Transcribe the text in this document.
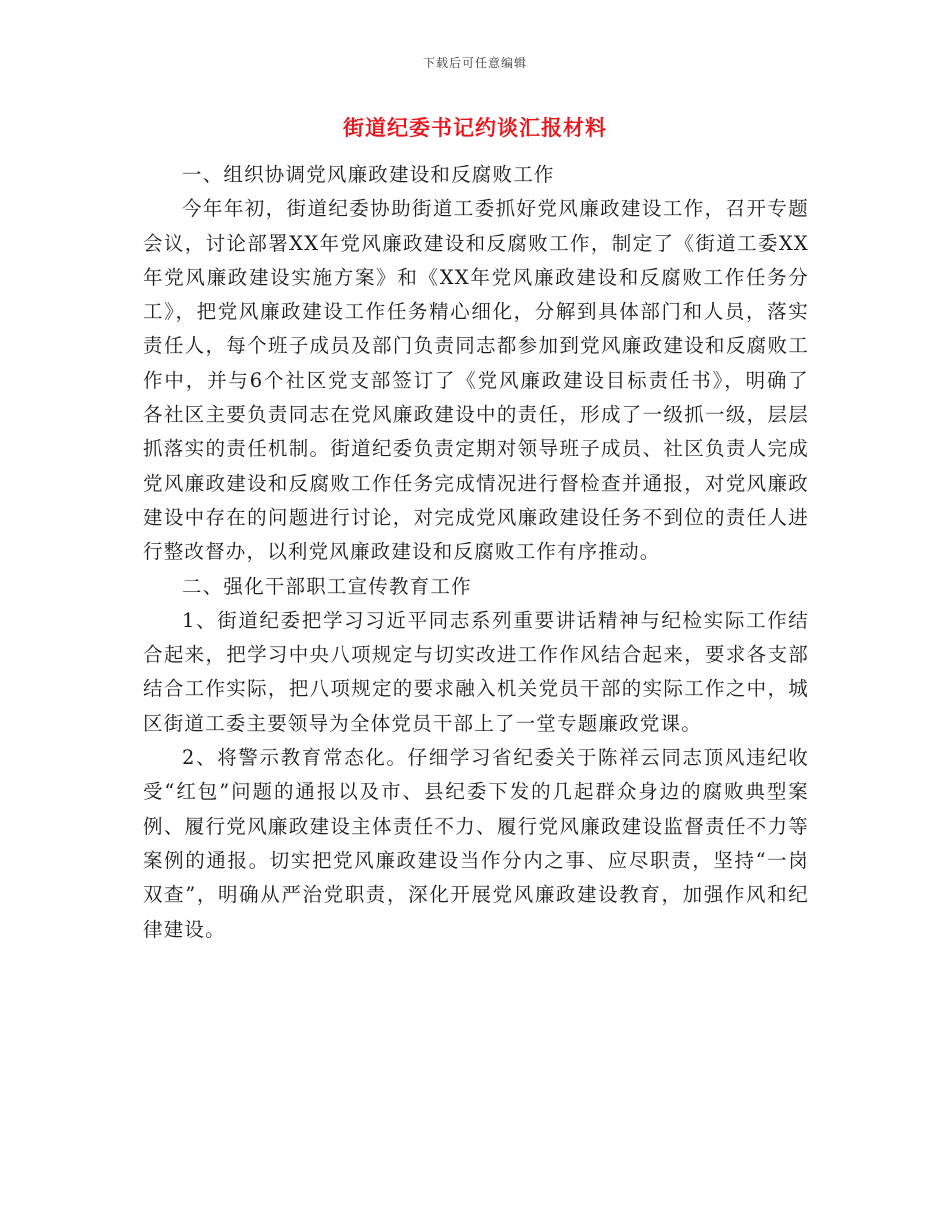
下载后可任意编辑
街道纪委书记约谈汇报材料

一、组织协调党风廉政建设和反腐败工作

今年年初，街道纪委协助街道工委抓好党风廉政建设工作，召开专题会议，讨论部署XX年党风廉政建设和反腐败工作，制定了《街道工委XX年党风廉政建设实施方案》和《XX年党风廉政建设和反腐败工作任务分工》，把党风廉政建设工作任务精心细化，分解到具体部门和人员，落实责任人，每个班子成员及部门负责同志都参加到党风廉政建设和反腐败工作中，并与6个社区党支部签订了《党风廉政建设目标责任书》，明确了各社区主要负责同志在党风廉政建设中的责任，形成了一级抓一级，层层抓落实的责任机制。街道纪委负责定期对领导班子成员、社区负责人完成党风廉政建设和反腐败工作任务完成情况进行督检查并通报，对党风廉政建设中存在的问题进行讨论，对完成党风廉政建设任务不到位的责任人进行整改督办，以利党风廉政建设和反腐败工作有序推动。

二、强化干部职工宣传教育工作

1、街道纪委把学习习近平同志系列重要讲话精神与纪检实际工作结合起来，把学习中央八项规定与切实改进工作作风结合起来，要求各支部结合工作实际，把八项规定的要求融入机关党员干部的实际工作之中，城区街道工委主要领导为全体党员干部上了一堂专题廉政党课。

2、将警示教育常态化。仔细学习省纪委关于陈祥云同志顶风违纪收受“红包”问题的通报以及市、县纪委下发的几起群众身边的腐败典型案例、履行党风廉政建设主体责任不力、履行党风廉政建设监督责任不力等案例的通报。切实把党风廉政建设当作分内之事、应尽职责，坚持“一岗双查”，明确从严治党职责，深化开展党风廉政建设教育，加强作风和纪律建设。
